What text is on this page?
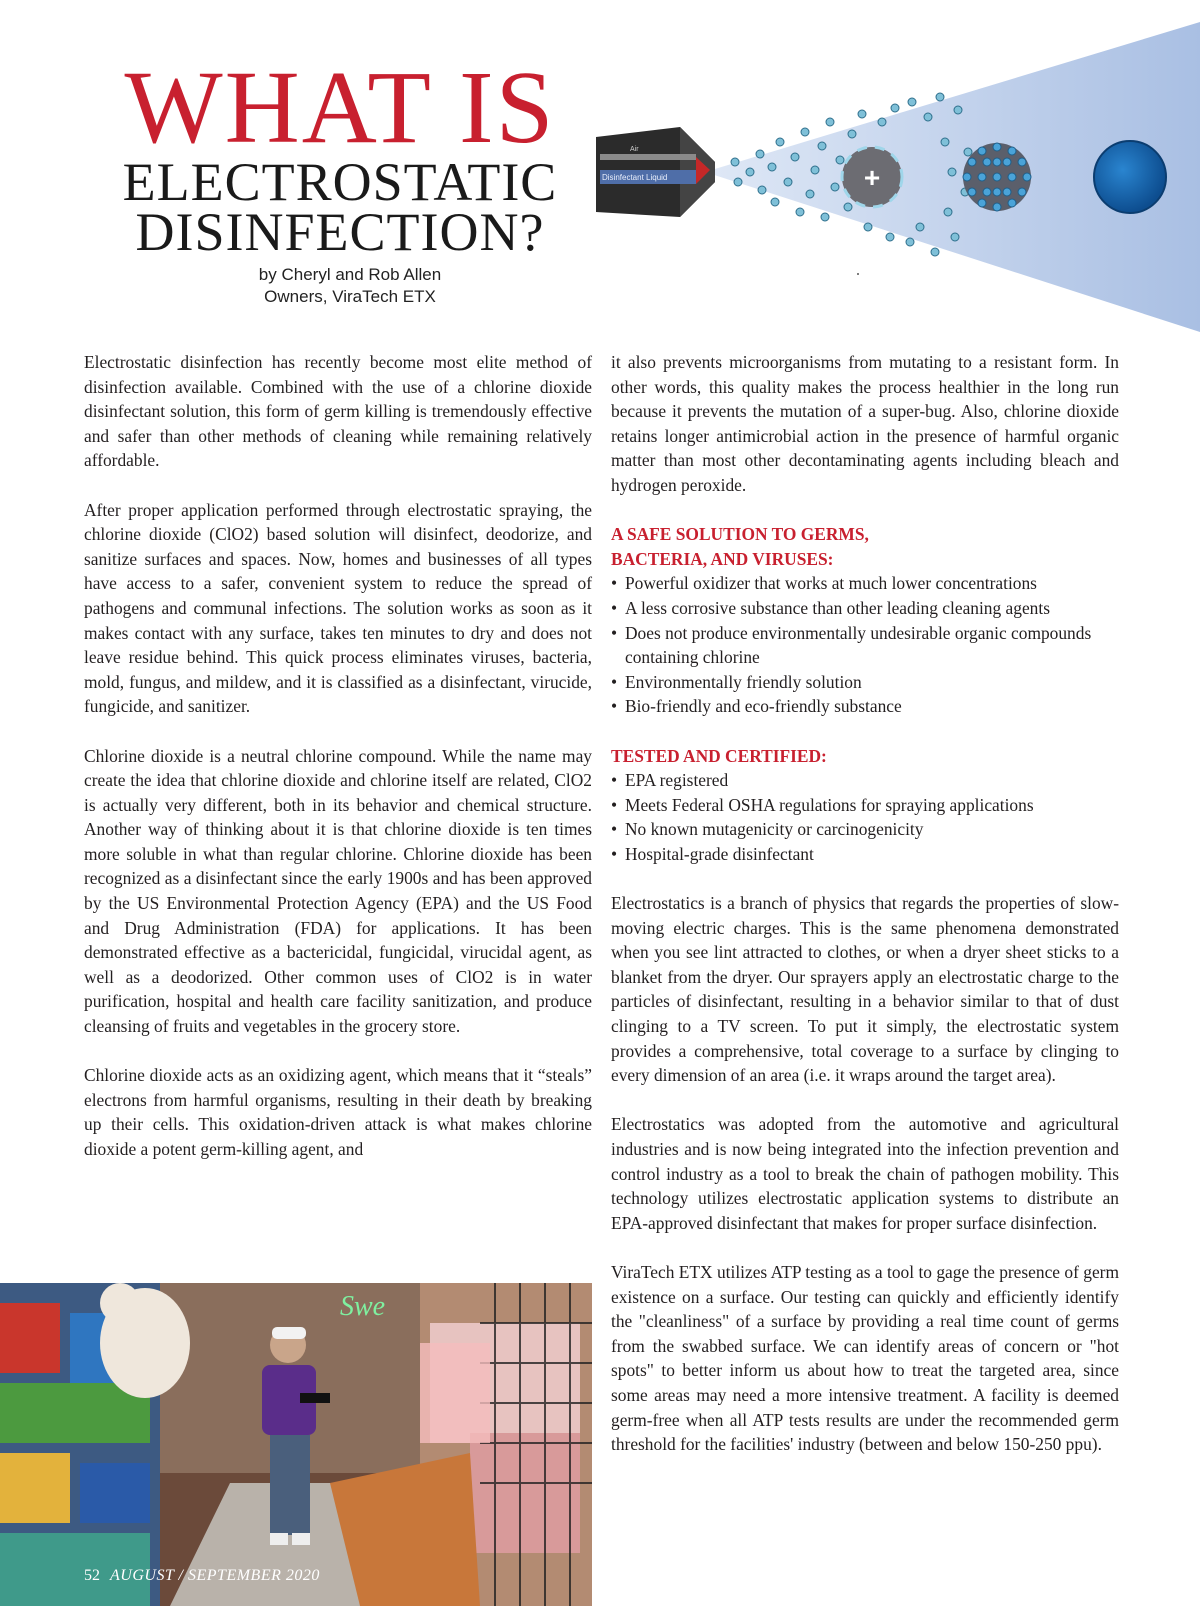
WHAT IS
ELECTROSTATIC
DISINFECTION?
by Cheryl and Rob Allen
Owners, ViraTech ETX
Air
Disinfectant Liquid	+

Electrostatic disinfection has recently become most elite method of disinfection available. Combined with the use of a chlorine dioxide disinfectant solution, this form of germ killing is tremendously effective and safer than other methods of cleaning while remaining relatively affordable.

After proper application performed through electrostatic spraying, the chlorine dioxide (ClO2) based solution will disinfect, deodorize, and sanitize surfaces and spaces. Now, homes and businesses of all types have access to a safer, convenient system to reduce the spread of pathogens and communal infections. The solution works as soon as it makes contact with any surface, takes ten minutes to dry and does not leave residue behind. This quick process eliminates viruses, bacteria, mold, fungus, and mildew, and it is classified as a disinfectant, virucide, fungicide, and sanitizer.

Chlorine dioxide is a neutral chlorine compound. While the name may create the idea that chlorine dioxide and chlorine itself are related, ClO2 is actually very different, both in its behavior and chemical structure. Another way of thinking about it is that chlorine dioxide is ten times more soluble in what than regular chlorine. Chlorine dioxide has been recognized as a disinfectant since the early 1900s and has been approved by the US Environmental Protection Agency (EPA) and the US Food and Drug Administration (FDA) for applications. It has been demonstrated effective as a bactericidal, fungicidal, virucidal agent, as well as a deodorized. Other common uses of ClO2 is in water purification, hospital and health care facility sanitization, and produce cleansing of fruits and vegetables in the grocery store.

Chlorine dioxide acts as an oxidizing agent, which means that it “steals” electrons from harmful organisms, resulting in their death by breaking up their cells. This oxidation-driven attack is what makes chlorine dioxide a potent germ-killing agent, and

it also prevents microorganisms from mutating to a resistant form. In other words, this quality makes the process healthier in the long run because it prevents the mutation of a super-bug. Also, chlorine dioxide retains longer antimicrobial action in the presence of harmful organic matter than most other decontaminating agents including bleach and hydrogen peroxide.

A SAFE SOLUTION TO GERMS,
BACTERIA, AND VIRUSES:
• Powerful oxidizer that works at much lower concentrations
• A less corrosive substance than other leading cleaning agents
• Does not produce environmentally undesirable organic compounds containing chlorine
• Environmentally friendly solution
• Bio-friendly and eco-friendly substance
TESTED AND CERTIFIED:
• EPA registered
• Meets Federal OSHA regulations for spraying applications
• No known mutagenicity or carcinogenicity
• Hospital-grade disinfectant

Electrostatics is a branch of physics that regards the properties of slow-moving electric charges. This is the same phenomena demonstrated when you see lint attracted to clothes, or when a dryer sheet sticks to a blanket from the dryer. Our sprayers apply an electrostatic charge to the particles of disinfectant, resulting in a behavior similar to that of dust clinging to a TV screen. To put it simply, the electrostatic system provides a comprehensive, total coverage to a surface by clinging to every dimension of an area (i.e. it wraps around the target area).

Electrostatics was adopted from the automotive and agricultural industries and is now being integrated into the infection prevention and control industry as a tool to break the chain of pathogen mobility. This technology utilizes electrostatic application systems to distribute an EPA-approved disinfectant that makes for proper surface disinfection.

ViraTech ETX utilizes ATP testing as a tool to gage the presence of germ existence on a surface. Our testing can quickly and efficiently identify the "cleanliness" of a surface by providing a real time count of germs from the swabbed surface. We can identify areas of concern or "hot spots" to better inform us about how to treat the targeted area, since some areas may need a more intensive treatment. A facility is deemed germ-free when all ATP tests results are under the recommended germ threshold for the facilities' industry (between and below 150-250 ppu).

Swe
52 AUGUST / SEPTEMBER 2020
